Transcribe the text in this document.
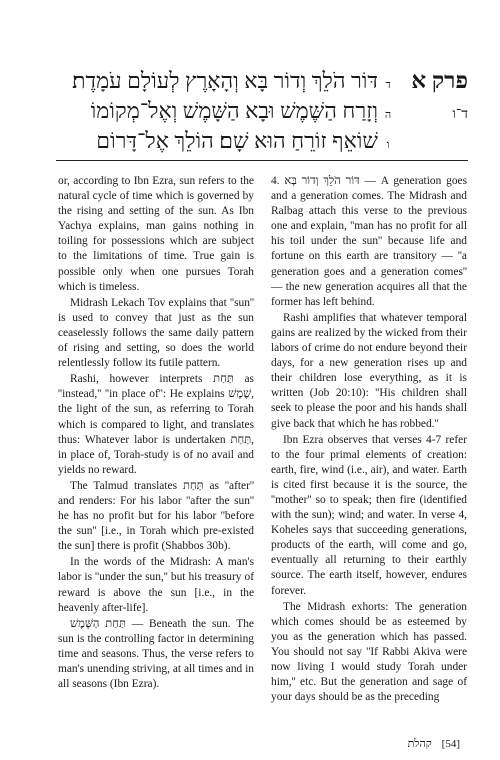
פרק א
ד
דּוֹר הֹלֵךְ וְדוֹר בָּא וְהָאָרֶץ לְעוֹלָם עֹמָדֶת׃
ד־ו
ה
וְזָרַח הַשֶּׁמֶשׁ וּבָא הַשָּׁמֶשׁ וְאֶל־מְקוֹמוֹ
ו
שׁוֹאֵף זוֹרֵחַ הוּא שָׁם׃ הוֹלֵךְ אֶל־דָּרוֹם

or, according to Ibn Ezra, sun refers to the natural cycle of time which is governed by the rising and setting of the sun. As Ibn Yachya explains, man gains nothing in toiling for possessions which are subject to the limitations of time. True gain is possible only when one pursues Torah which is timeless.

Midrash Lekach Tov explains that ''sun'' is used to convey that just as the sun ceaselessly follows the same daily pattern of rising and setting, so does the world relentlessly follow its futile pattern.

Rashi, however interprets תַּחַת as ''instead,'' ''in place of'': He explains שֶׁמֶשׁ, the light of the sun, as referring to Torah which is compared to light, and translates thus: Whatever labor is undertaken תַּחַת, in place of, Torah-study is of no avail and yields no reward.

The Talmud translates תַּחַת as ''after'' and renders: For his labor ''after the sun'' he has no profit but for his labor ''before the sun'' [i.e., in Torah which pre-existed the sun] there is profit (Shabbos 30b).

In the words of the Midrash: A man's labor is ''under the sun,'' but his treasury of reward is above the sun [i.e., in the heavenly after-life].

תַּחַת הַשָּׁמֶשׁ — Beneath the sun. The sun is the controlling factor in determining time and seasons. Thus, the verse refers to man's unending striving, at all times and in all seasons (Ibn Ezra).

4. דּוֹר הֹלֵךְ וְדוֹר בָּא — A generation goes and a generation comes. The Midrash and Ralbag attach this verse to the previous one and explain, ''man has no profit for all his toil under the sun'' because life and fortune on this earth are transitory — ''a generation goes and a generation comes'' — the new generation acquires all that the former has left behind.

Rashi amplifies that whatever temporal gains are realized by the wicked from their labors of crime do not endure beyond their days, for a new generation rises up and their children lose everything, as it is written (Job 20:10): ''His children shall seek to please the poor and his hands shall give back that which he has robbed.''

Ibn Ezra observes that verses 4-7 refer to the four primal elements of creation: earth, fire, wind (i.e., air), and water. Earth is cited first because it is the source, the ''mother'' so to speak; then fire (identified with the sun); wind; and water. In verse 4, Koheles says that succeeding generations, products of the earth, will come and go, eventually all returning to their earthly source. The earth itself, however, endures forever.

The Midrash exhorts: The generation which comes should be as esteemed by you as the generation which has passed. You should not say ''If Rabbi Akiva were now living I would study Torah under him,'' etc. But the generation and sage of your days should be as the preceding

קהלת [54]
